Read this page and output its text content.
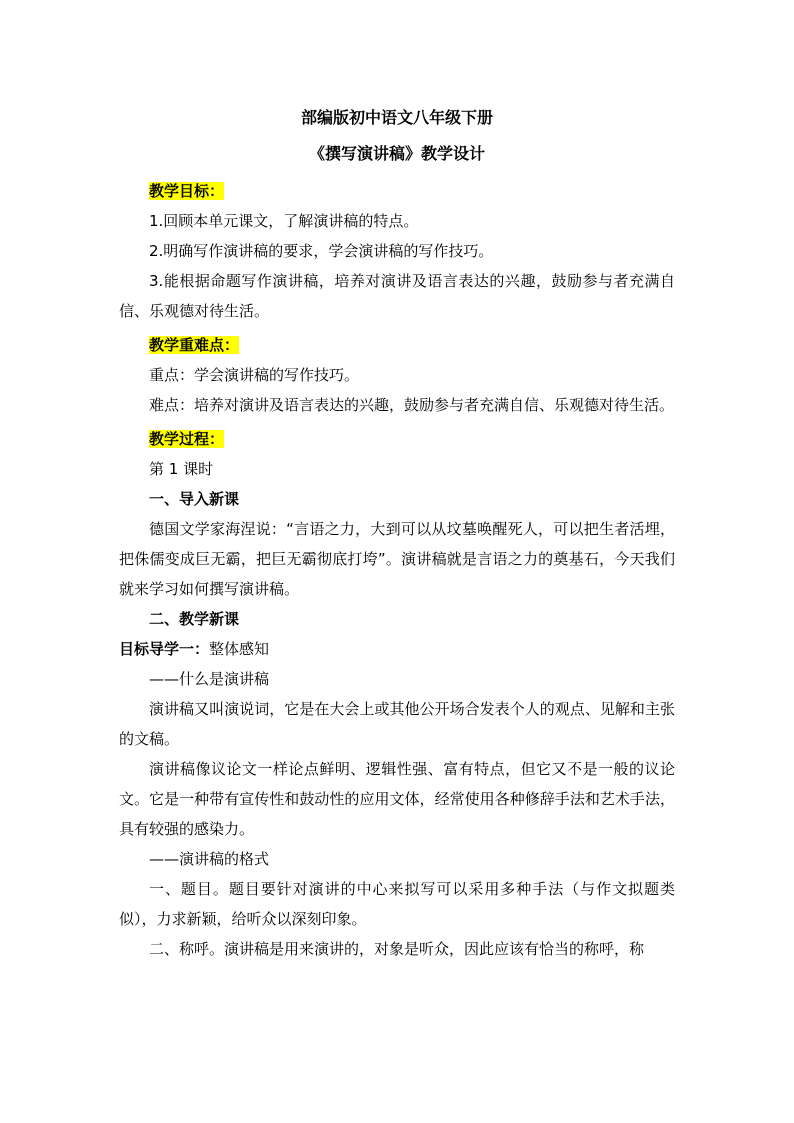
部编版初中语文八年级下册

《撰写演讲稿》教学设计

教学目标：

1.回顾本单元课文，了解演讲稿的特点。

2.明确写作演讲稿的要求，学会演讲稿的写作技巧。

3.能根据命题写作演讲稿，培养对演讲及语言表达的兴趣，鼓励参与者充满自信、乐观德对待生活。

教学重难点：

重点：学会演讲稿的写作技巧。

难点：培养对演讲及语言表达的兴趣，鼓励参与者充满自信、乐观德对待生活。

教学过程：

第 1 课时

一、导入新课

德国文学家海涅说：“言语之力，大到可以从坟墓唤醒死人，可以把生者活埋，把侏儒变成巨无霸，把巨无霸彻底打垮”。演讲稿就是言语之力的奠基石，今天我们就来学习如何撰写演讲稿。

二、教学新课

目标导学一：整体感知

——什么是演讲稿

演讲稿又叫演说词，它是在大会上或其他公开场合发表个人的观点、见解和主张的文稿。

演讲稿像议论文一样论点鲜明、逻辑性强、富有特点，但它又不是一般的议论文。它是一种带有宣传性和鼓动性的应用文体，经常使用各种修辞手法和艺术手法，具有较强的感染力。

——演讲稿的格式

一、题目。题目要针对演讲的中心来拟写可以采用多种手法（与作文拟题类似），力求新颖，给听众以深刻印象。

二、称呼。演讲稿是用来演讲的，对象是听众，因此应该有恰当的称呼，称
